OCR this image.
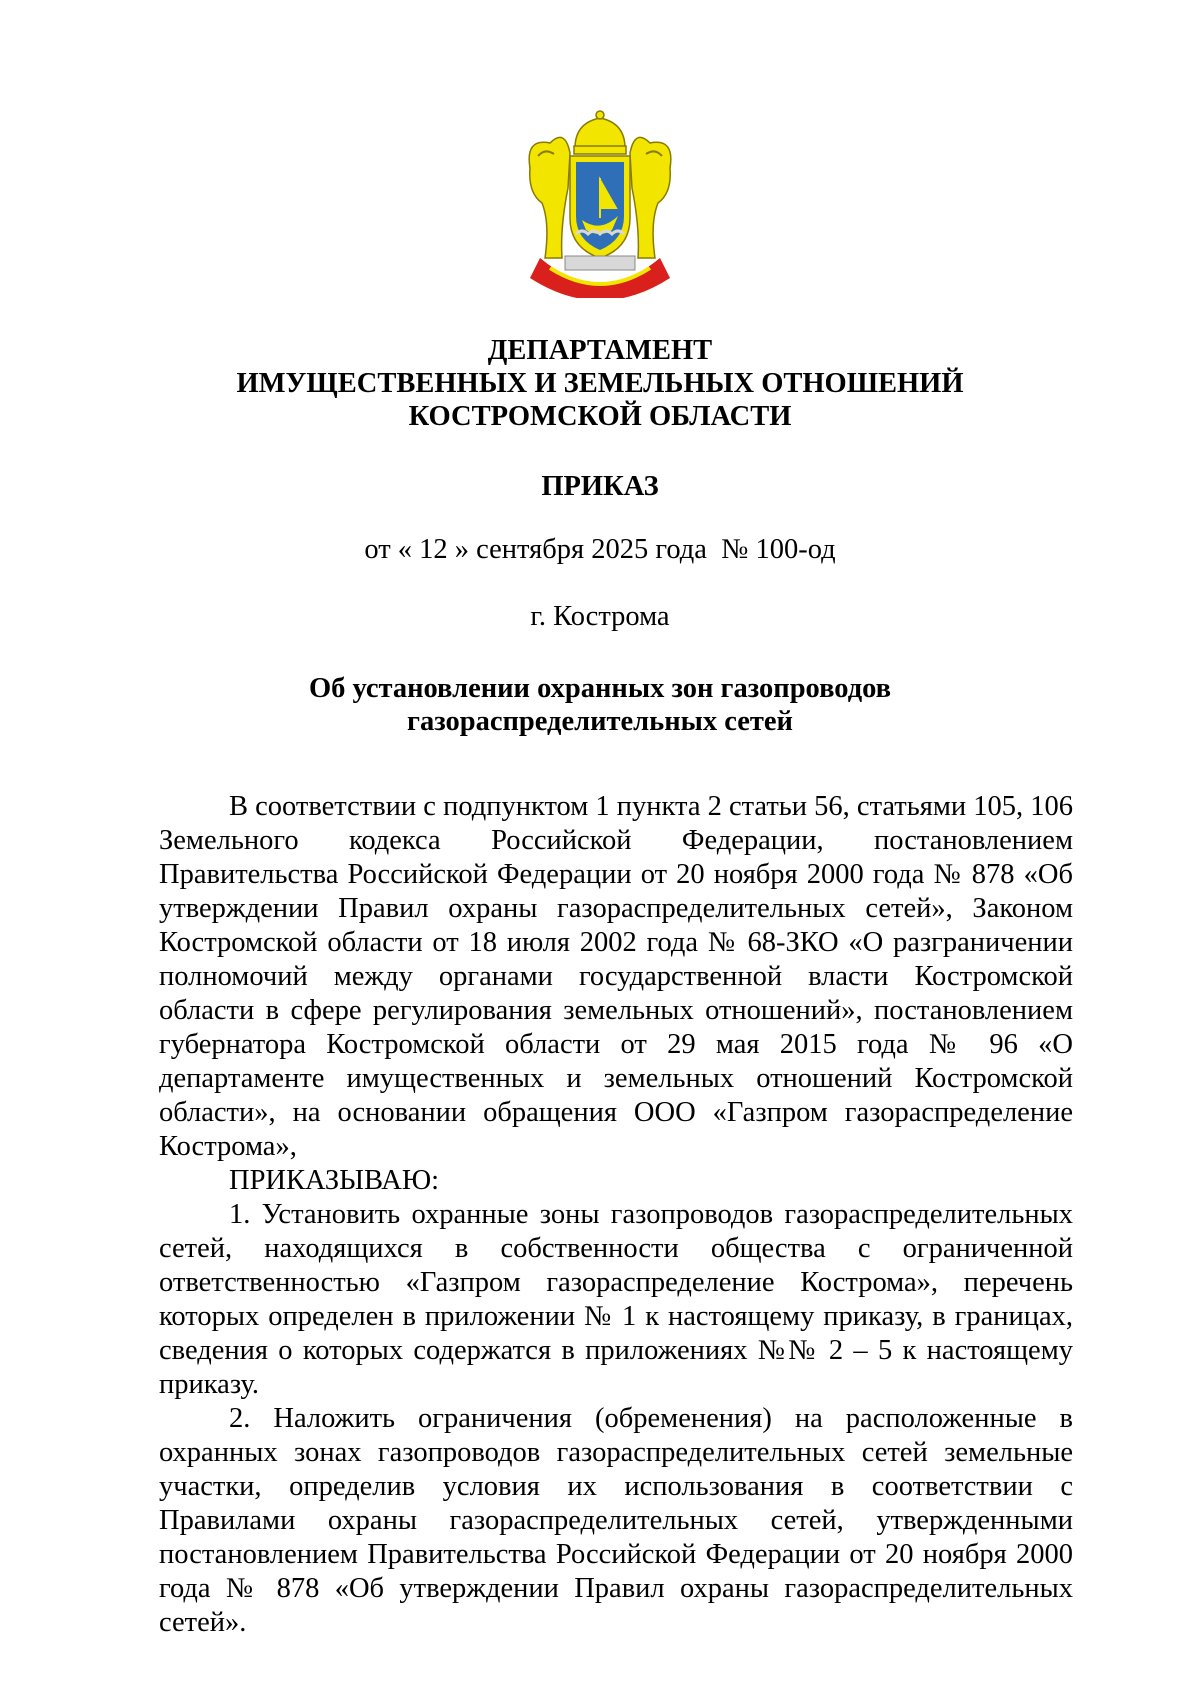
ДЕПАРТАМЕНТ
ИМУЩЕСТВЕННЫХ И ЗЕМЕЛЬНЫХ ОТНОШЕНИЙ
КОСТРОМСКОЙ ОБЛАСТИ
ПРИКАЗ
от « 12 » сентября 2025 года  № 100-од
г. Кострома
Об установлении охранных зон газопроводов
газораспределительных сетей

В соответствии с подпунктом 1 пункта 2 статьи 56, статьями 105, 106 Земельного кодекса Российской Федерации, постановлением Правительства Российской Федерации от 20 ноября 2000 года № 878 «Об утверждении Правил охраны газораспределительных сетей», Законом Костромской области от 18 июля 2002 года № 68-ЗКО «О разграничении полномочий между органами государственной власти Костромской области в сфере регулирования земельных отношений», постановлением губернатора Костромской области от 29 мая 2015 года № 96 «О департаменте имущественных и земельных отношений Костромской области», на основании обращения ООО «Газпром газораспределение Кострома»,

ПРИКАЗЫВАЮ:

1. Установить охранные зоны газопроводов газораспределительных сетей, находящихся в собственности общества с ограниченной ответственностью «Газпром газораспределение Кострома», перечень которых определен в приложении № 1 к настоящему приказу, в границах, сведения о которых содержатся в приложениях №№ 2 – 5 к настоящему приказу.

2. Наложить ограничения (обременения) на расположенные в охранных зонах газопроводов газораспределительных сетей земельные участки, определив условия их использования в соответствии с Правилами охраны газораспределительных сетей, утвержденными постановлением Правительства Российской Федерации от 20 ноября 2000 года № 878 «Об утверждении Правил охраны газораспределительных сетей».
